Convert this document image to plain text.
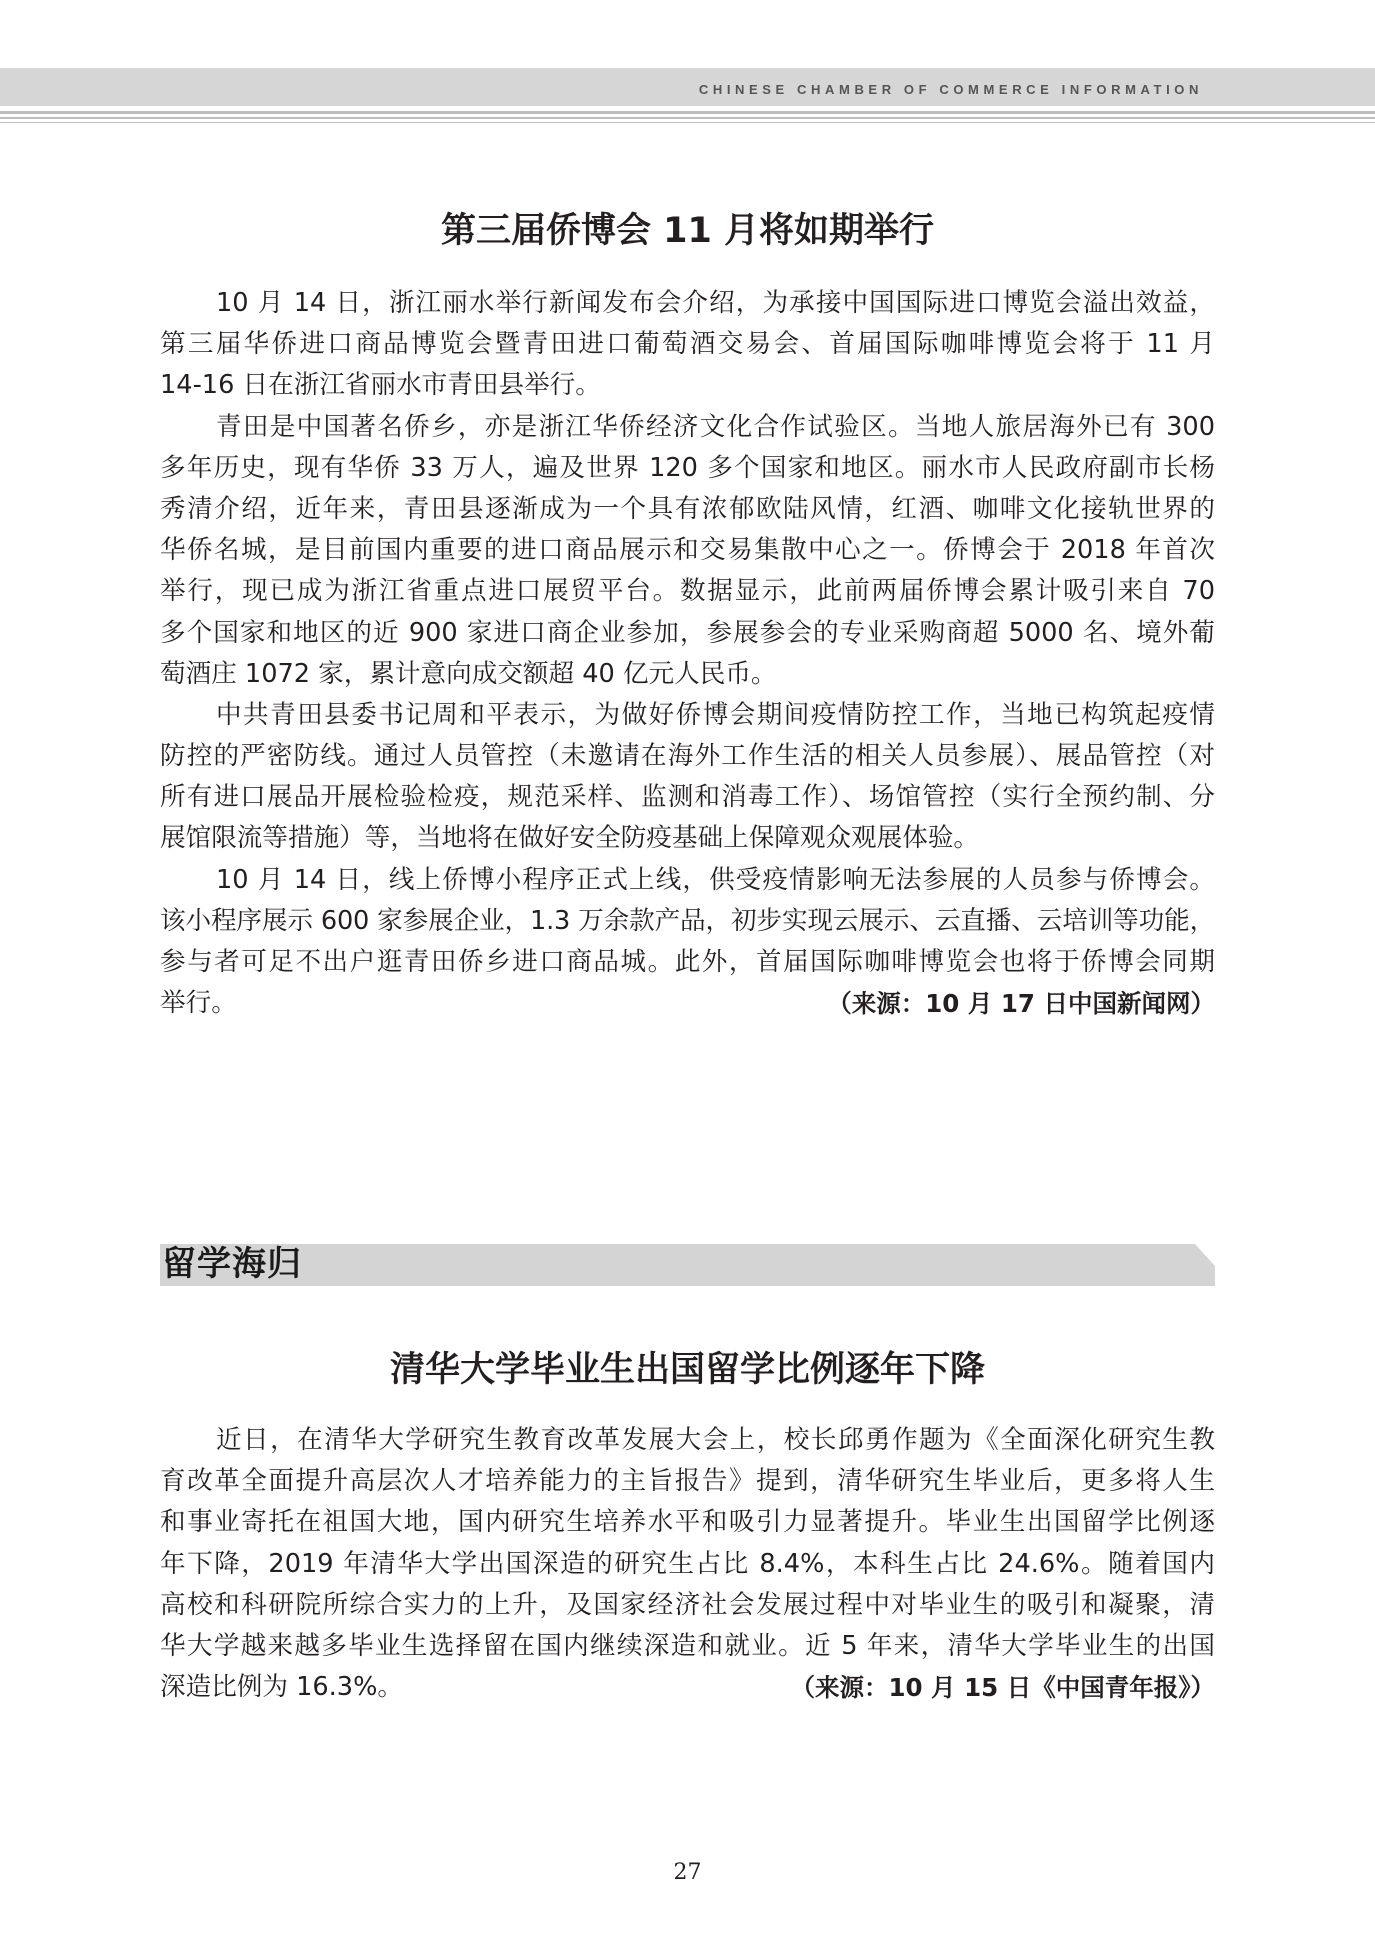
CHINESE CHAMBER OF COMMERCE INFORMATION
第三届侨博会 11 月将如期举行
10 月 14 日，浙江丽水举行新闻发布会介绍，为承接中国国际进口博览会溢出效益，
第三届华侨进口商品博览会暨青田进口葡萄酒交易会、首届国际咖啡博览会将于 11 月
14-16 日在浙江省丽水市青田县举行。
青田是中国著名侨乡，亦是浙江华侨经济文化合作试验区。当地人旅居海外已有 300
多年历史，现有华侨 33 万人，遍及世界 120 多个国家和地区。丽水市人民政府副市长杨
秀清介绍，近年来，青田县逐渐成为一个具有浓郁欧陆风情，红酒、咖啡文化接轨世界的
华侨名城，是目前国内重要的进口商品展示和交易集散中心之一。侨博会于 2018 年首次
举行，现已成为浙江省重点进口展贸平台。数据显示，此前两届侨博会累计吸引来自 70
多个国家和地区的近 900 家进口商企业参加，参展参会的专业采购商超 5000 名、境外葡
萄酒庄 1072 家，累计意向成交额超 40 亿元人民币。
中共青田县委书记周和平表示，为做好侨博会期间疫情防控工作，当地已构筑起疫情
防控的严密防线。通过人员管控（未邀请在海外工作生活的相关人员参展）、展品管控（对
所有进口展品开展检验检疫，规范采样、监测和消毒工作）、场馆管控（实行全预约制、分
展馆限流等措施）等，当地将在做好安全防疫基础上保障观众观展体验。
10 月 14 日，线上侨博小程序正式上线，供受疫情影响无法参展的人员参与侨博会。
该小程序展示 600 家参展企业，1.3 万余款产品，初步实现云展示、云直播、云培训等功能，
参与者可足不出户逛青田侨乡进口商品城。此外，首届国际咖啡博览会也将于侨博会同期
举行。	（来源：10 月 17 日中国新闻网）
留学海归
清华大学毕业生出国留学比例逐年下降
近日，在清华大学研究生教育改革发展大会上，校长邱勇作题为《全面深化研究生教
育改革全面提升高层次人才培养能力的主旨报告》提到，清华研究生毕业后，更多将人生
和事业寄托在祖国大地，国内研究生培养水平和吸引力显著提升。毕业生出国留学比例逐
年下降，2019 年清华大学出国深造的研究生占比 8.4%，本科生占比 24.6%。随着国内
高校和科研院所综合实力的上升，及国家经济社会发展过程中对毕业生的吸引和凝聚，清
华大学越来越多毕业生选择留在国内继续深造和就业。近 5 年来，清华大学毕业生的出国
深造比例为 16.3%。	（来源：10 月 15 日《中国青年报》）
27
